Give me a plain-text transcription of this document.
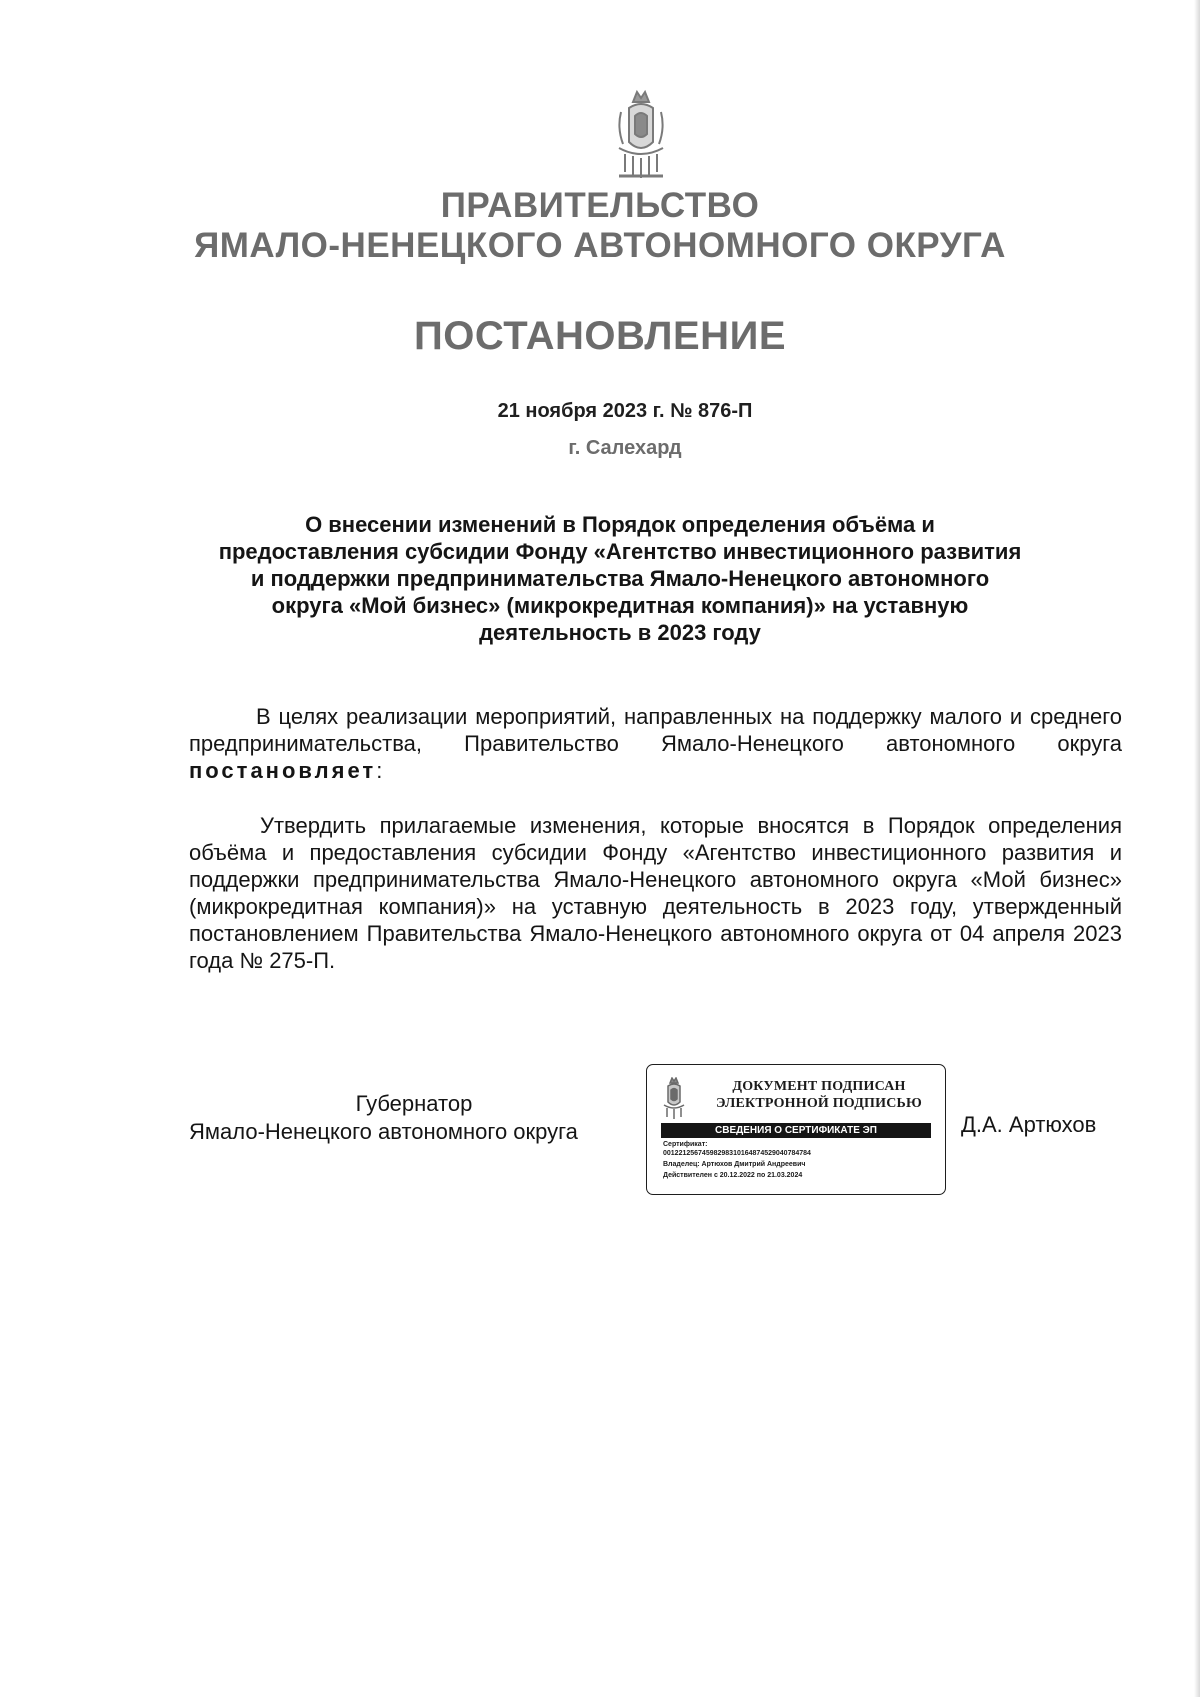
ПРАВИТЕЛЬСТВО
ЯМАЛО-НЕНЕЦКОГО АВТОНОМНОГО ОКРУГА
ПОСТАНОВЛЕНИЕ
21 ноября 2023 г. № 876-П
г. Салехард
О внесении изменений в Порядок определения объёма и
предоставления субсидии Фонду «Агентство инвестиционного развития
и поддержки предпринимательства Ямало-Ненецкого автономного
округа «Мой бизнес» (микрокредитная компания)» на уставную
деятельность в 2023 году
В целях реализации мероприятий, направленных на поддержку малого и среднего предпринимательства, Правительство Ямало-Ненецкого автономного округа постановляет:
Утвердить прилагаемые изменения, которые вносятся в Порядок определения объёма и предоставления субсидии Фонду «Агентство инвестиционного развития и поддержки предпринимательства Ямало-Ненецкого автономного округа «Мой бизнес» (микрокредитная компания)» на уставную деятельность в 2023 году, утвержденный постановлением Правительства Ямало-Ненецкого автономного округа от 04 апреля 2023 года № 275-П.
Губернатор
Ямало-Ненецкого автономного округа
ДОКУМЕНТ ПОДПИСАН
ЭЛЕКТРОННОЙ ПОДПИСЬЮ
СВЕДЕНИЯ О СЕРТИФИКАТЕ ЭП
Сертификат:
00122125674598298310164874529040784784
Владелец: Артюхов Дмитрий Андреевич
Действителен с 20.12.2022 по 21.03.2024
Д.А. Артюхов
